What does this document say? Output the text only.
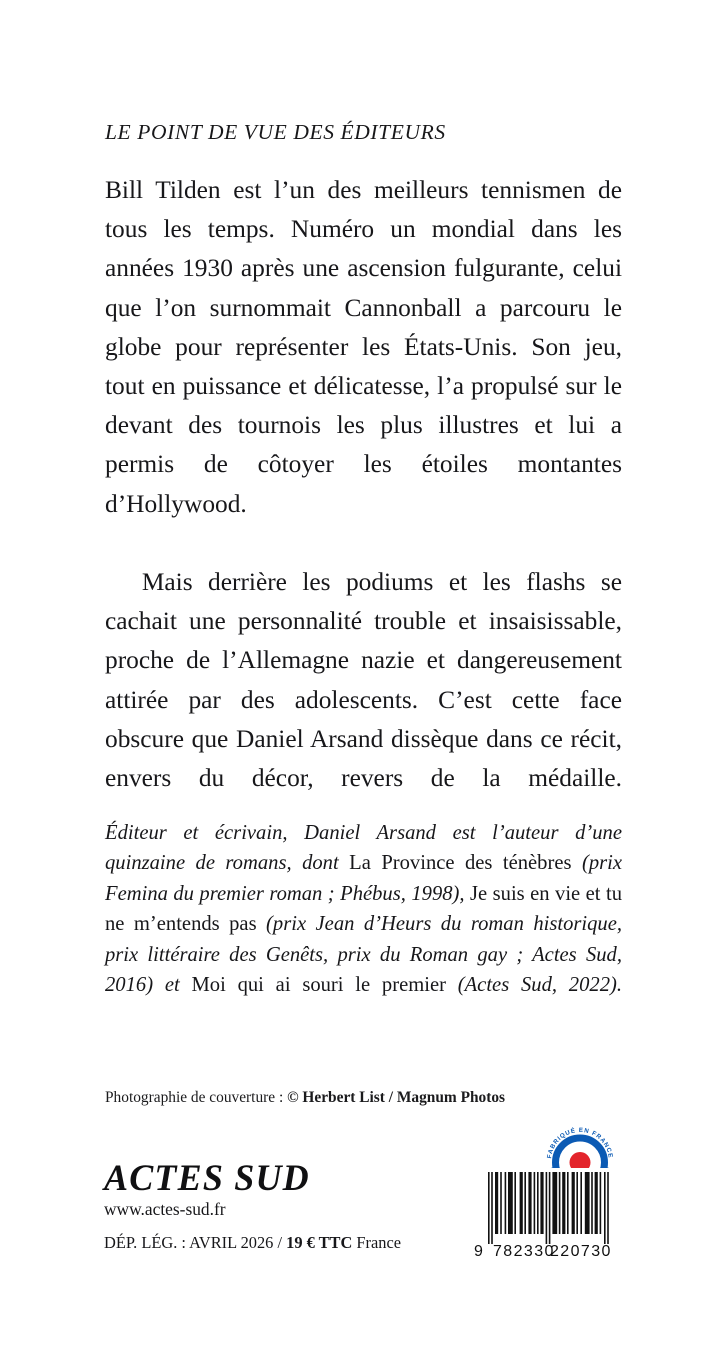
LE POINT DE VUE DES ÉDITEURS

Bill Tilden est l’un des meilleurs tennismen de tous les temps. Numéro un mondial dans les années 1930 après une ascension fulgurante, celui que l’on surnommait Cannonball a parcouru le globe pour représenter les États-Unis. Son jeu, tout en puissance et délicatesse, l’a propulsé sur le devant des tournois les plus illustres et lui a permis de côtoyer les étoiles montantes d’Hollywood.

Mais derrière les podiums et les flashs se cachait une personnalité trouble et insaisissable, proche de l’Allemagne nazie et dangereusement attirée par des adolescents. C’est cette face obscure que Daniel Arsand dissèque dans ce récit, envers du décor, revers de la médaille.

Éditeur et écrivain, Daniel Arsand est l’auteur d’une quinzaine de romans, dont La Province des ténèbres (prix Femina du premier roman ; Phébus, 1998), Je suis en vie et tu ne m’entends pas (prix Jean d’Heurs du roman historique, prix littéraire des Genêts, prix du Roman gay ; Actes Sud, 2016) et Moi qui ai souri le premier (Actes Sud, 2022).
Photographie de couverture : © Herbert List / Magnum Photos
ACTES SUD
www.actes-sud.fr
DÉP. LÉG. : AVRIL 2026 / 19 € TTC France
FABRIQUÉ EN FRANCE
9 782330
220730
